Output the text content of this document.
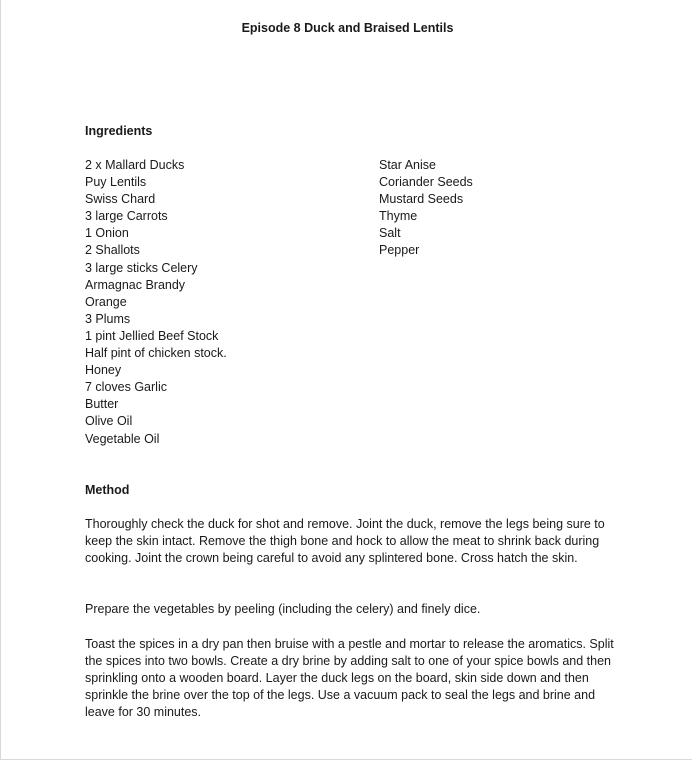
Episode 8 Duck and Braised Lentils
Ingredients
2 x Mallard Ducks
Puy Lentils
Swiss Chard
3 large Carrots
1 Onion
2 Shallots
3 large sticks Celery
Armagnac Brandy
Orange
3 Plums
1 pint Jellied Beef Stock
Half pint of chicken stock.
Honey
7 cloves Garlic
Butter
Olive Oil
Vegetable Oil
Star Anise
Coriander Seeds
Mustard Seeds
Thyme
Salt
Pepper
Method

Thoroughly check the duck for shot and remove. Joint the duck, remove the legs being sure to keep the skin intact. Remove the thigh bone and hock to allow the meat to shrink back during cooking. Joint the crown being careful to avoid any splintered bone. Cross hatch the skin.

Prepare the vegetables by peeling (including the celery) and finely dice.

Toast the spices in a dry pan then bruise with a pestle and mortar to release the aromatics. Split the spices into two bowls. Create a dry brine by adding salt to one of your spice bowls and then sprinkling onto a wooden board. Layer the duck legs on the board, skin side down and then sprinkle the brine over the top of the legs. Use a vacuum pack to seal the legs and brine and leave for 30 minutes.
